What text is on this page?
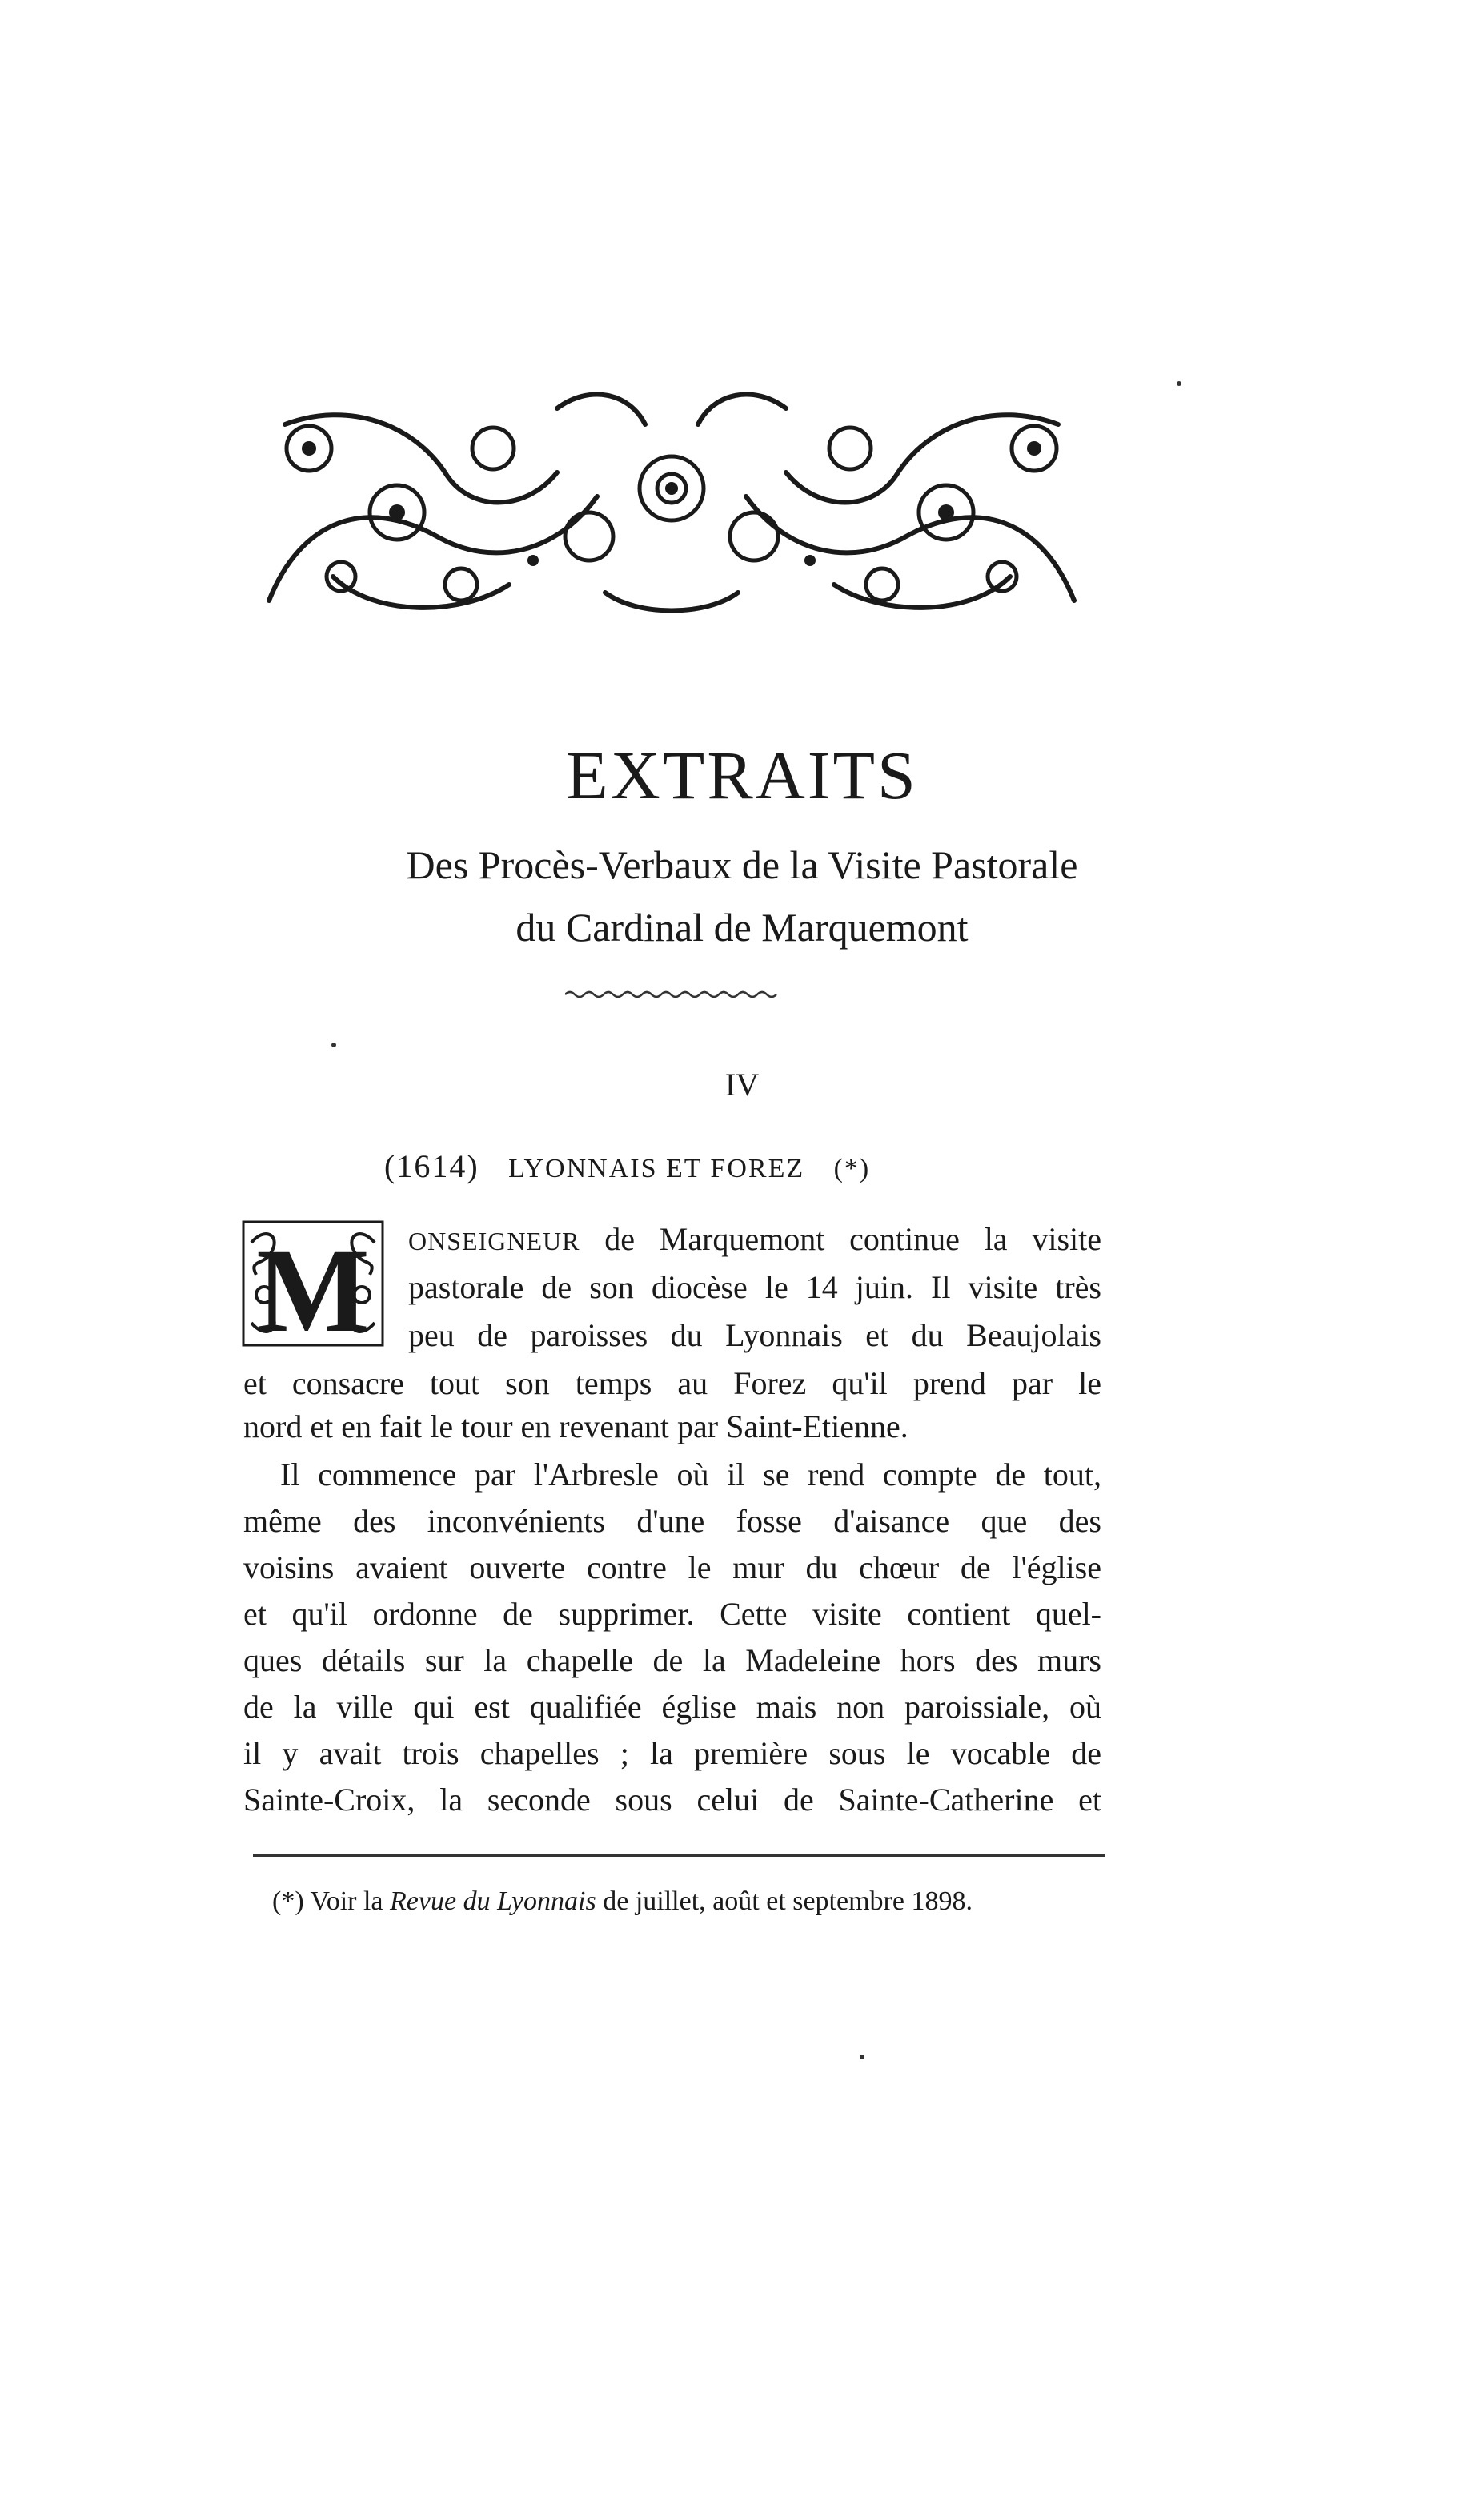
EXTRAITS
Des Procès-Verbaux de la Visite Pastorale
du Cardinal de Marquemont
IV
(1614) LYONNAIS ET FOREZ (*)
M ONSEIGNEUR de Marquemont continue la visite
pastorale de son diocèse le 14 juin. Il visite très
peu de paroisses du Lyonnais et du Beaujolais
et consacre tout son temps au Forez qu'il prend par le
nord et en fait le tour en revenant par Saint-Etienne.
Il commence par l'Arbresle où il se rend compte de tout,
même des inconvénients d'une fosse d'aisance que des
voisins avaient ouverte contre le mur du chœur de l'église
et qu'il ordonne de supprimer. Cette visite contient quel-
ques détails sur la chapelle de la Madeleine hors des murs
de la ville qui est qualifiée église mais non paroissiale, où
il y avait trois chapelles ; la première sous le vocable de
Sainte-Croix, la seconde sous celui de Sainte-Catherine et
(*) Voir la Revue du Lyonnais de juillet, août et septembre 1898.
